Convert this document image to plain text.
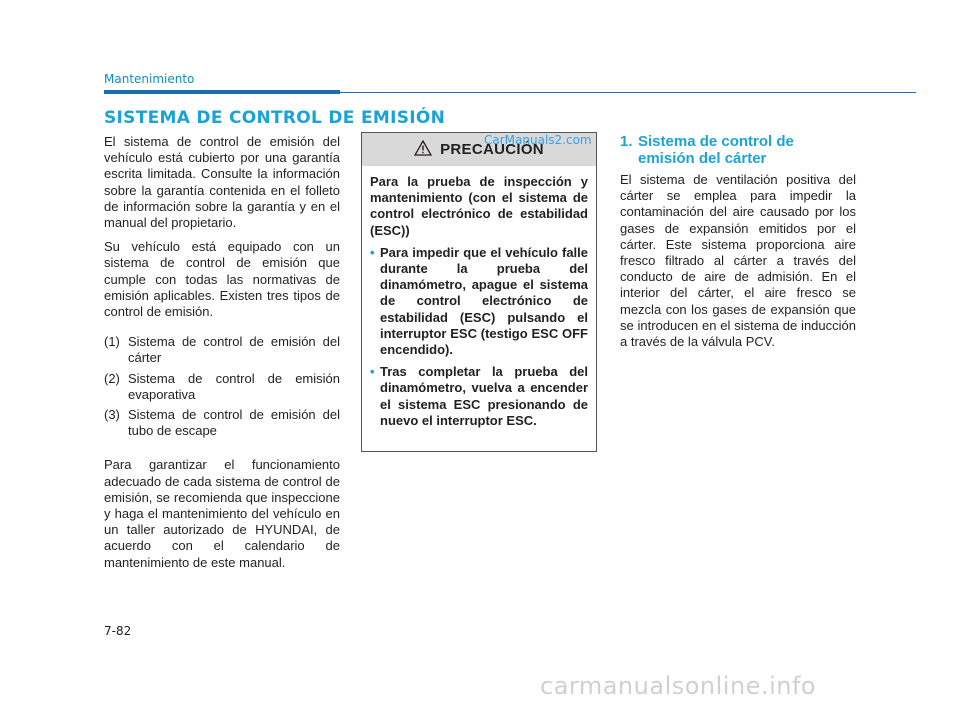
Mantenimiento
SISTEMA DE CONTROL DE EMISIÓN

El sistema de control de emisión del vehículo está cubierto por una garantía escrita limitada. Consulte la información sobre la garantía contenida en el folleto de información sobre la garantía y en el manual del propietario.

Su vehículo está equipado con un sistema de control de emisión que cumple con todas las normativas de emisión aplicables. Existen tres tipos de control de emisión.

(1) Sistema de control de emisión del cárter
(2) Sistema de control de emisión evaporativa
(3) Sistema de control de emisión del tubo de escape

Para garantizar el funcionamiento adecuado de cada sistema de control de emisión, se recomienda que inspeccione y haga el mantenimiento del vehículo en un taller autorizado de HYUNDAI, de acuerdo con el calendario de mantenimiento de este manual.

PRECAUCIÓN

Para la prueba de inspección y mantenimiento (con el sistema de control electrónico de estabilidad (ESC))

• Para impedir que el vehículo falle durante la prueba del dinamómetro, apague el sistema de control electrónico de estabilidad (ESC) pulsando el interruptor ESC (testigo ESC OFF encendido).
• Tras completar la prueba del dinamómetro, vuelva a encender el sistema ESC presionando de nuevo el interruptor ESC.
CarManuals2.com 1. Sistema de control de
emisión del cárter

El sistema de ventilación positiva del cárter se emplea para impedir la contaminación del aire causado por los gases de expansión emitidos por el cárter. Este sistema proporciona aire fresco filtrado al cárter a través del conducto de aire de admisión. En el interior del cárter, el aire fresco se mezcla con los gases de expansión que se introducen en el sistema de inducción a través de la válvula PCV.

7-82
carmanualsonline.info
